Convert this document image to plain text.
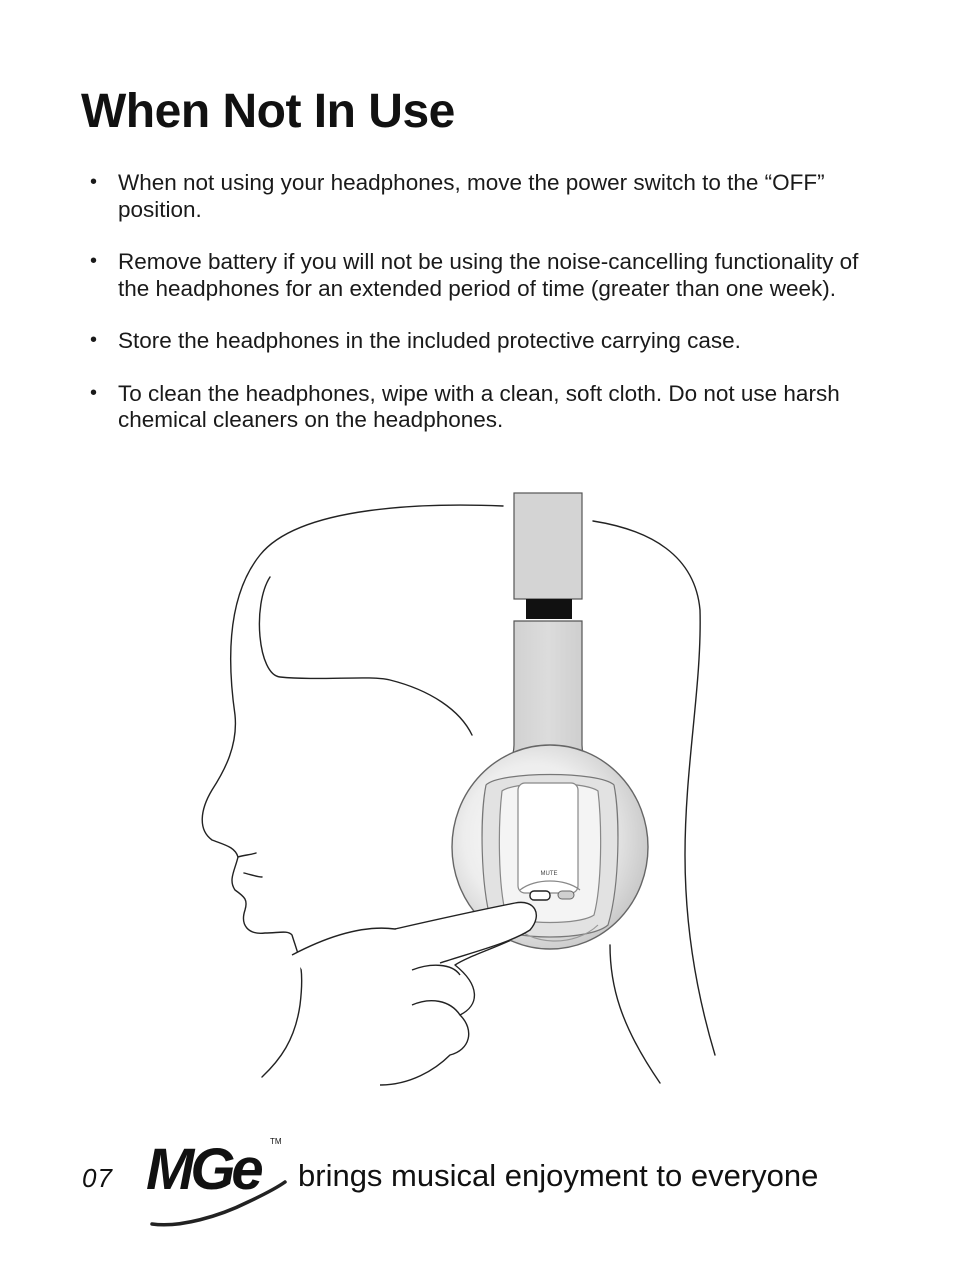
When Not In Use
• When not using your headphones, move the power switch to the “OFF” position.
• Remove battery if you will not be using the noise-cancelling functionality of the headphones for an extended period of time (greater than one week).
• Store the headphones in the included protective carrying case.
• To clean the headphones, wipe with a clean, soft cloth. Do not use harsh chemical cleaners on the headphones.
MUTE
07 MGe	TM
brings musical enjoyment to everyone
